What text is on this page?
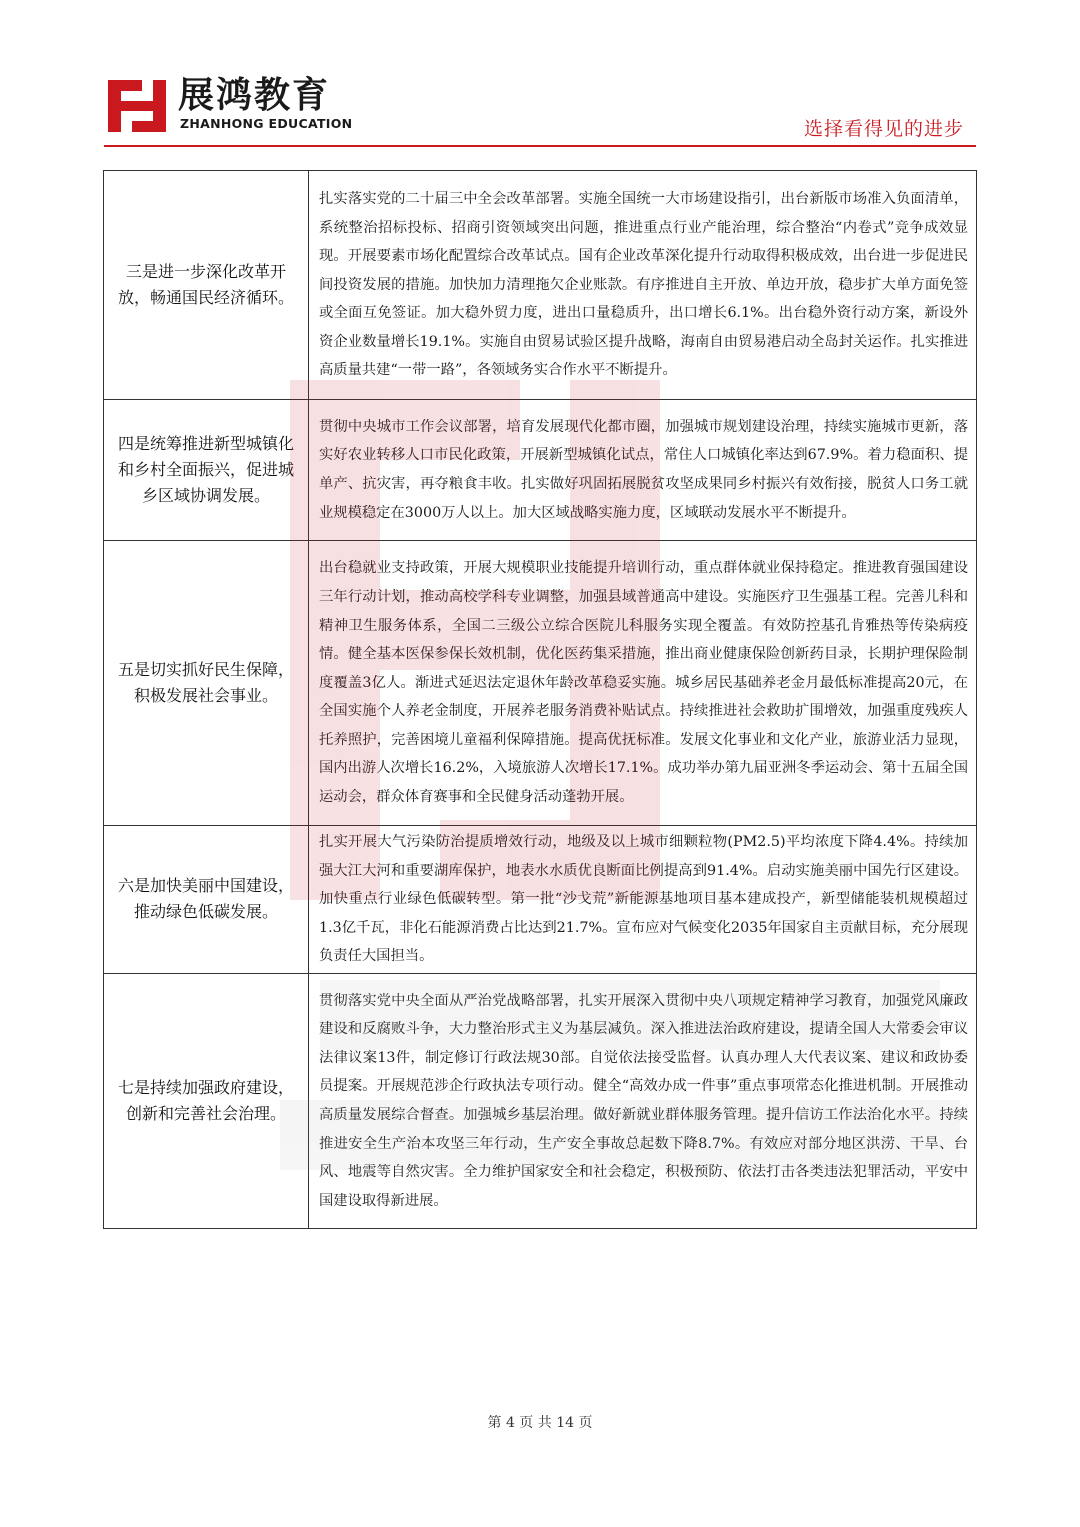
展鸿教育
ZHANHONG EDUCATION	选择看得见的进步
三是进一步深化改革开放，畅通国民经济循环。	扎实落实党的二十届三中全会改革部署。实施全国统一大市场建设指引，出台新版市场准入负面清单，系统整治招标投标、招商引资领域突出问题，推进重点行业产能治理，综合整治“内卷式”竞争成效显现。开展要素市场化配置综合改革试点。国有企业改革深化提升行动取得积极成效，出台进一步促进民间投资发展的措施。加快加力清理拖欠企业账款。有序推进自主开放、单边开放，稳步扩大单方面免签或全面互免签证。加大稳外贸力度，进出口量稳质升，出口增长6.1%。出台稳外资行动方案，新设外资企业数量增长19.1%。实施自由贸易试验区提升战略，海南自由贸易港启动全岛封关运作。扎实推进高质量共建“一带一路”，各领域务实合作水平不断提升。
四是统筹推进新型城镇化和乡村全面振兴，促进城乡区域协调发展。	贯彻中央城市工作会议部署，培育发展现代化都市圈，加强城市规划建设治理，持续实施城市更新，落实好农业转移人口市民化政策，开展新型城镇化试点，常住人口城镇化率达到67.9%。着力稳面积、提单产、抗灾害，再夺粮食丰收。扎实做好巩固拓展脱贫攻坚成果同乡村振兴有效衔接，脱贫人口务工就业规模稳定在3000万人以上。加大区域战略实施力度，区域联动发展水平不断提升。
五是切实抓好民生保障，积极发展社会事业。	出台稳就业支持政策，开展大规模职业技能提升培训行动，重点群体就业保持稳定。推进教育强国建设三年行动计划，推动高校学科专业调整，加强县域普通高中建设。实施医疗卫生强基工程。完善儿科和精神卫生服务体系，全国二三级公立综合医院儿科服务实现全覆盖。有效防控基孔肯雅热等传染病疫情。健全基本医保参保长效机制，优化医药集采措施，推出商业健康保险创新药目录，长期护理保险制度覆盖3亿人。渐进式延迟法定退休年龄改革稳妥实施。城乡居民基础养老金月最低标准提高20元，在全国实施个人养老金制度，开展养老服务消费补贴试点。持续推进社会救助扩围增效，加强重度残疾人托养照护，完善困境儿童福利保障措施。提高优抚标准。发展文化事业和文化产业，旅游业活力显现，国内出游人次增长16.2%，入境旅游人次增长17.1%。成功举办第九届亚洲冬季运动会、第十五届全国运动会，群众体育赛事和全民健身活动蓬勃开展。
六是加快美丽中国建设，推动绿色低碳发展。	扎实开展大气污染防治提质增效行动，地级及以上城市细颗粒物(PM2.5)平均浓度下降4.4%。持续加强大江大河和重要湖库保护，地表水水质优良断面比例提高到91.4%。启动实施美丽中国先行区建设。加快重点行业绿色低碳转型。第一批“沙戈荒”新能源基地项目基本建成投产，新型储能装机规模超过1.3亿千瓦，非化石能源消费占比达到21.7%。宣布应对气候变化2035年国家自主贡献目标，充分展现负责任大国担当。
七是持续加强政府建设，创新和完善社会治理。	贯彻落实党中央全面从严治党战略部署，扎实开展深入贯彻中央八项规定精神学习教育，加强党风廉政建设和反腐败斗争，大力整治形式主义为基层减负。深入推进法治政府建设，提请全国人大常委会审议法律议案13件，制定修订行政法规30部。自觉依法接受监督。认真办理人大代表议案、建议和政协委员提案。开展规范涉企行政执法专项行动。健全“高效办成一件事”重点事项常态化推进机制。开展推动高质量发展综合督查。加强城乡基层治理。做好新就业群体服务管理。提升信访工作法治化水平。持续推进安全生产治本攻坚三年行动，生产安全事故总起数下降8.7%。有效应对部分地区洪涝、干旱、台风、地震等自然灾害。全力维护国家安全和社会稳定，积极预防、依法打击各类违法犯罪活动，平安中国建设取得新进展。
第 4 页 共 14 页
